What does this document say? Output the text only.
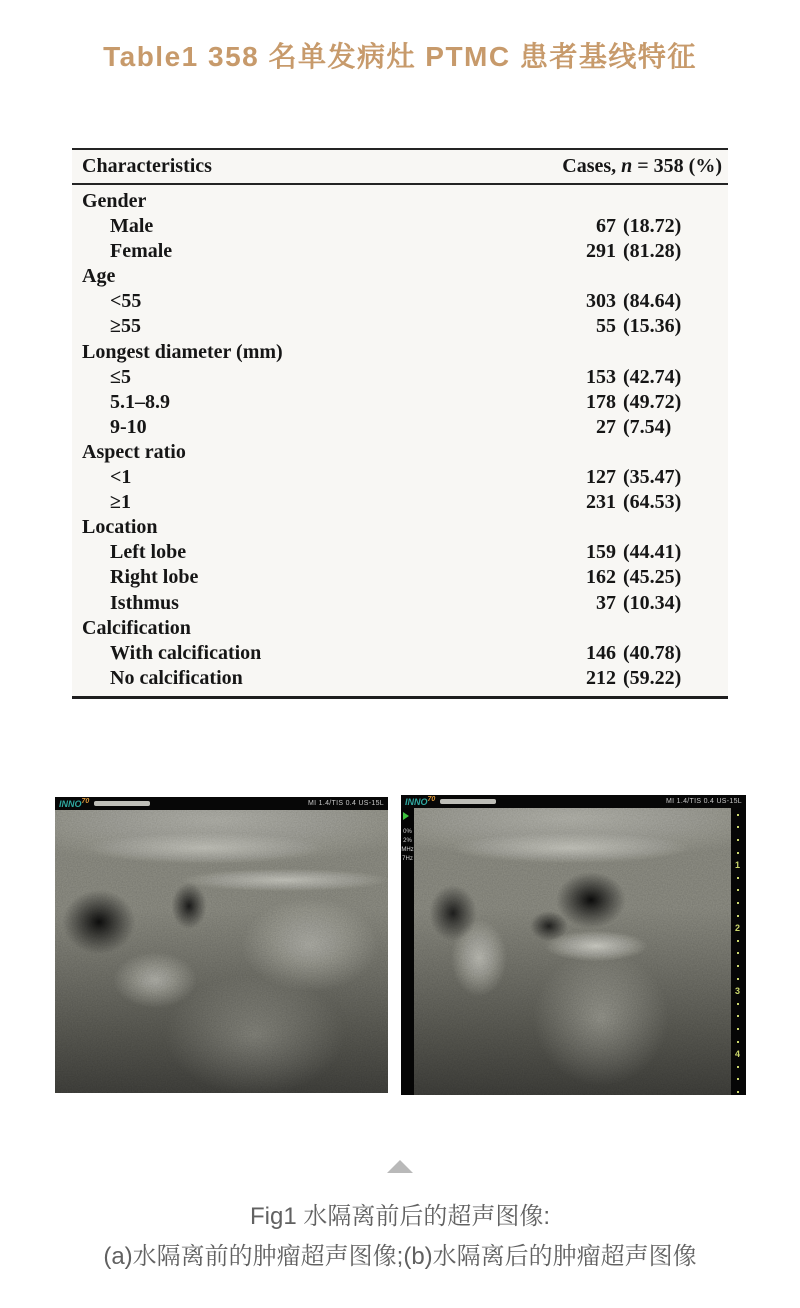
Table1 358 名单发病灶 PTMC 患者基线特征
Characteristics	Cases, n = 358 (%)
Gender
Male	67 (18.72)
Female	291 (81.28)
Age
<55	303 (84.64)
≥55	55 (15.36)
Longest diameter (mm)
≤5	153 (42.74)
5.1–8.9	178 (49.72)
9-10	27 (7.54)
Aspect ratio
<1	127 (35.47)
≥1	231 (64.53)
Location
Left lobe	159 (44.41)
Right lobe	162 (45.25)
Isthmus	37 (10.34)
Calcification
With calcification	146 (40.78)
No calcification	212 (59.22)
INNO$^{70}$	MI 1.4/TIS 0.4 US-15L INNO$^{70}$	MI 1.4/TIS 0.4 US-15L
0%
2%
MHz
7Hz
1
2
3
4
Fig1 水隔离前后的超声图像:
(a)水隔离前的肿瘤超声图像;(b)水隔离后的肿瘤超声图像
